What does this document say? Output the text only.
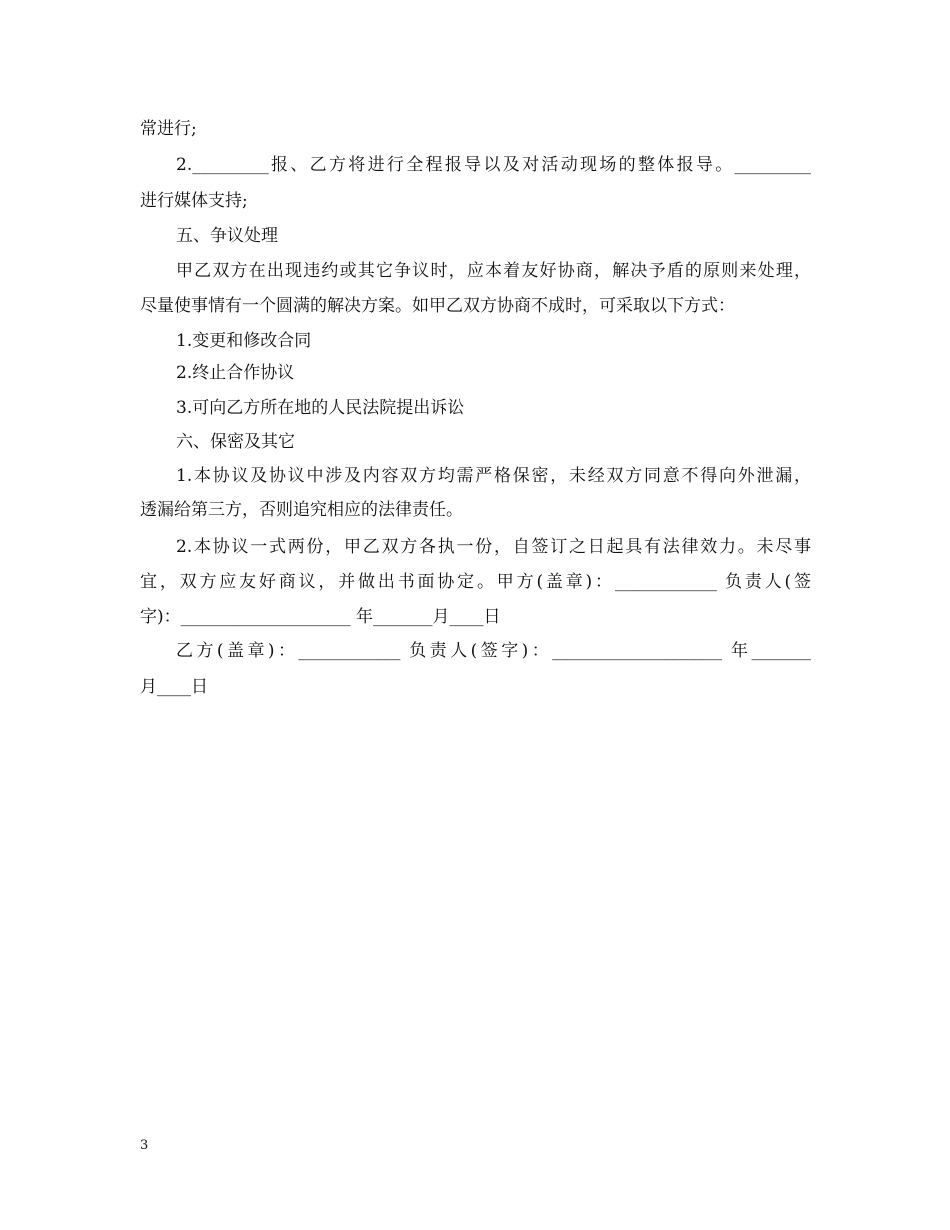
常进行;
2._________报、乙方将进行全程报导以及对活动现场的整体报导。_________
进行媒体支持;
五、争议处理
甲乙双方在出现违约或其它争议时，应本着友好协商，解决予盾的原则来处理，
尽量使事情有一个圆满的解决方案。如甲乙双方协商不成时，可采取以下方式：
1.变更和修改合同
2.终止合作协议
3.可向乙方所在地的人民法院提出诉讼
六、保密及其它
1.本协议及协议中涉及内容双方均需严格保密，未经双方同意不得向外泄漏，
透漏给第三方，否则追究相应的法律责任。
2.本协议一式两份，甲乙双方各执一份，自签订之日起具有法律效力。未尽事
宜，双方应友好商议，并做出书面协定。甲方(盖章)：____________ 负责人(签
字)：____________________ 年_______月____日
乙方(盖章)：____________ 负责人(签字)：____________________ 年_______
月____日
3
